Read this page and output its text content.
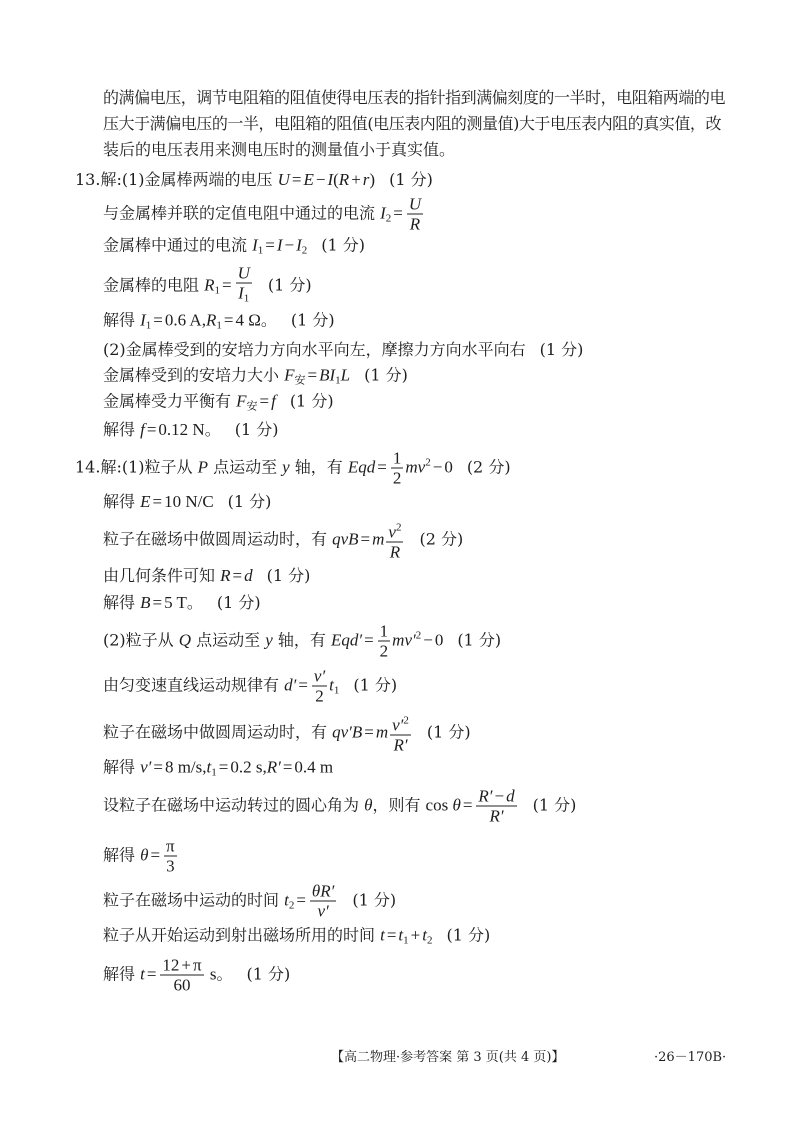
的满偏电压，调节电阻箱的阻值使得电压表的指针指到满偏刻度的一半时，电阻箱两端的电
压大于满偏电压的一半，电阻箱的阻值(电压表内阻的测量值)大于电压表内阻的真实值，改
装后的电压表用来测电压时的测量值小于真实值。
13.解:(1)金属棒两端的电压 U = E − I(R + r) (1 分)
与金属棒并联的定值电阻中通过的电流 $I2 = \frac{U}{R}$
金属棒中通过的电流 I1 = I − I2 (1 分)
金属棒的电阻 $R1 = \frac{U}{I1} (1$ 分)
解得 I1 = 0.6 A,R1 = 4 Ω。 (1 分)
(2)金属棒受到的安培力方向水平向左，摩擦力方向水平向右 (1 分)
金属棒受到的安培力大小 F安 = BI1L (1 分)
金属棒受力平衡有 F安 = f (1 分)
解得 f = 0.12 N。 (1 分)
14.解:(1)粒子从 P 点运动至 y 轴，有 Eqd = $\frac{1}{2} mv^2 - 0$ (2 分)
解得 E = 10 N/C (1 分)
粒子在磁场中做圆周运动时，有 qvB = m $\frac{v^2}{R} (2$ 分)
由几何条件可知 R = d (1 分)
解得 B = 5 T。 (1 分)
(2)粒子从 Q 点运动至 y 轴，有 $Eqd' = \frac{1}{2} mv'^2 - 0$ (1 分)
由匀变速直线运动规律有 $d' = \frac{v'}{2} t1$ (1 分)
粒子在磁场中做圆周运动时，有 qv′B = m $\frac{v'^2}{R'} (1$ 分)
解得 v′ = 8 m/s,t1 = 0.2 s,R′ = 0.4 m
设粒子在磁场中运动转过的圆心角为 θ，则有 $\cos \theta = \frac{R' - d}{R'} (1$ 分)
解得 $\theta = \frac{\pi}{3}$
粒子在磁场中运动的时间 $t2 = \frac{\theta R'}{v'} (1$ 分)
粒子从开始运动到射出磁场所用的时间 t = t1 + t2 (1 分)
解得 $t = \frac{12 + \pi}{60}$ s。 (1 分)
【高二物理·参考答案 第 3 页(共 4 页)】	·26－170B·
